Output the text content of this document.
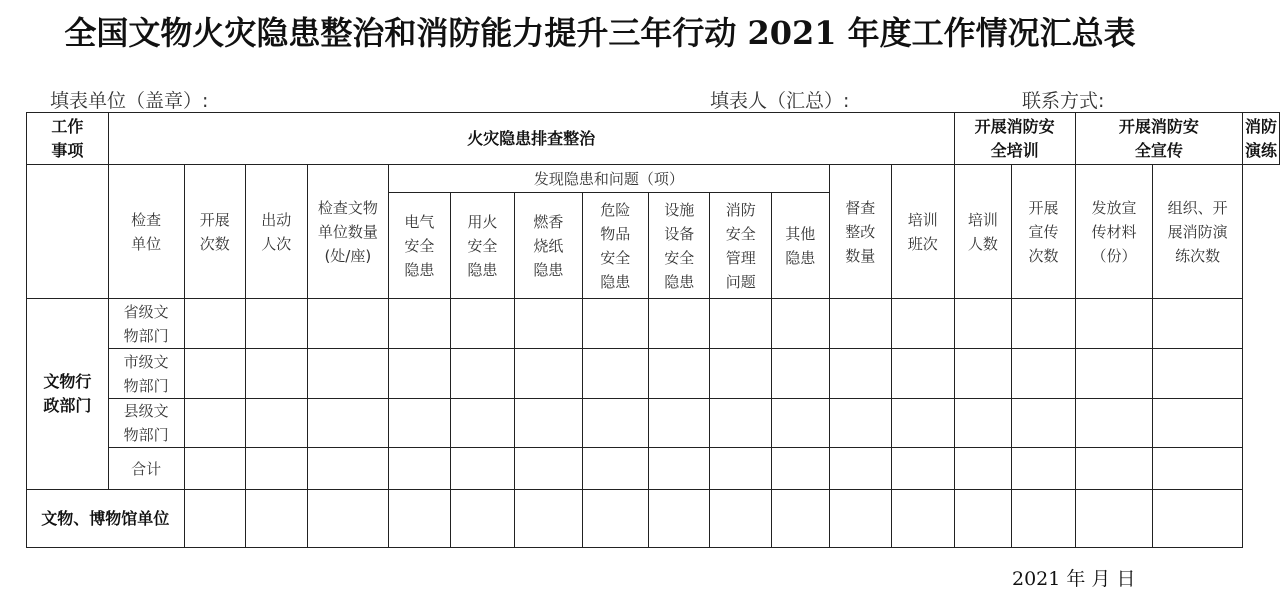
全国文物火灾隐患整治和消防能力提升三年行动 2021 年度工作情况汇总表
填表单位（盖章）:	填表人（汇总）:	联系方式:
工作事项	火灾隐患排查整治													开展消防安全培训		开展消防安全宣传		消防演练

	检查单位	开展次数	出动人次	检查文物单位数量(处/座)	发现隐患和问题（项）							督查整改数量	培训班次	培训人数	开展宣传次数	发放宣传材料（份）	组织、开展消防演练次数	

					电气安全隐患	用火安全隐患	燃香烧纸隐患	危险物品安全隐患	设施设备安全隐患	消防安全管理问题	其他隐患							

文物行政部门	省级文物部门																	

	市级文物部门																	

	县级文物部门																	

	合计																	

文物、博物馆单位																		

2021 年 月 日
